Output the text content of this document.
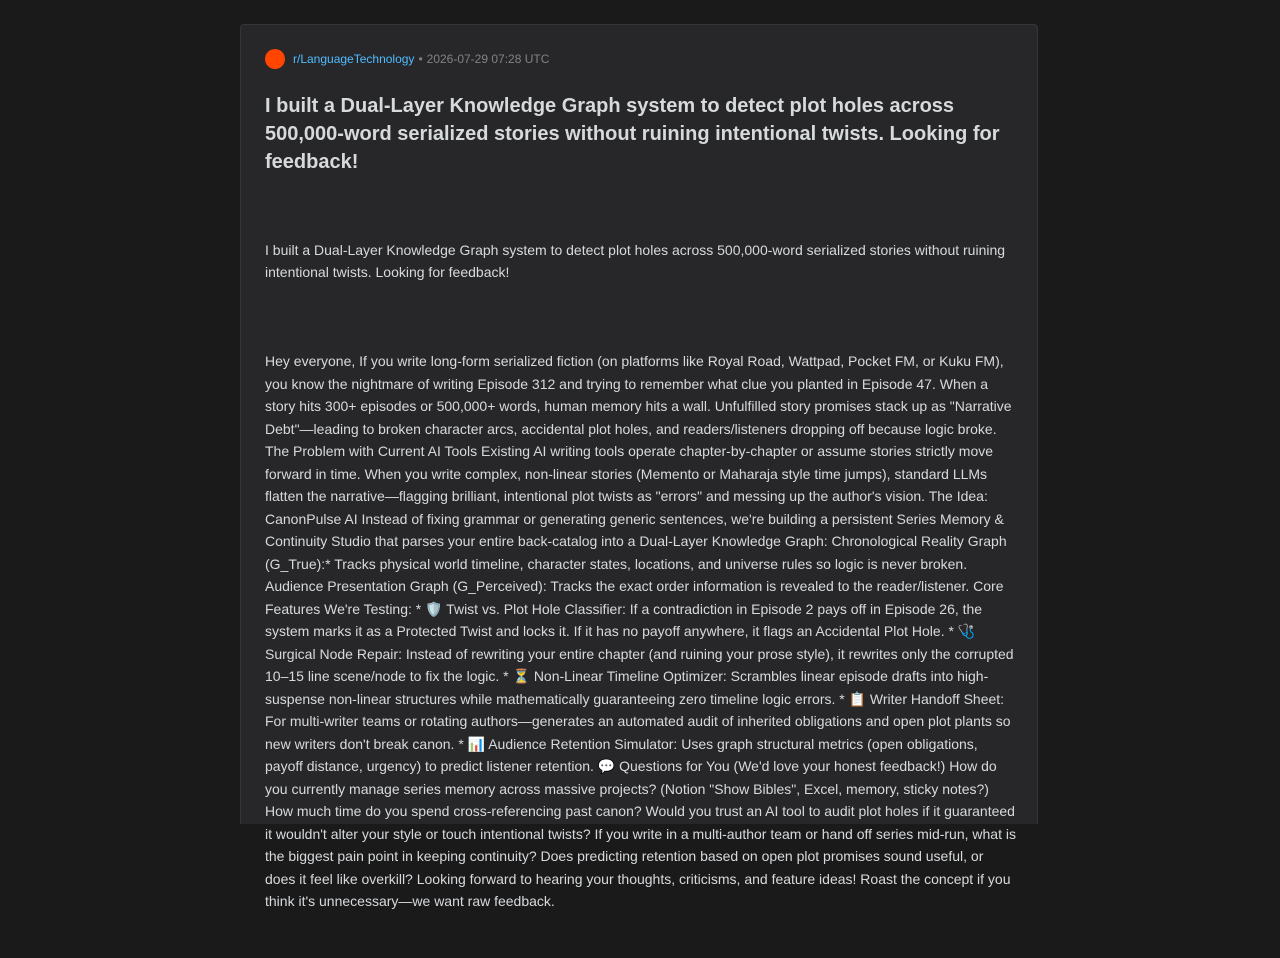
r/LanguageTechnology • 2026-07-29 07:28 UTC
I built a Dual-Layer Knowledge Graph system to detect plot holes across 500,000-word serialized stories without ruining intentional twists. Looking for feedback!

I built a Dual-Layer Knowledge Graph system to detect plot holes across 500,000-word serialized stories without ruining intentional twists. Looking for feedback!

Hey everyone, If you write long-form serialized fiction (on platforms like Royal Road, Wattpad, Pocket FM, or Kuku FM), you know the nightmare of writing Episode 312 and trying to remember what clue you planted in Episode 47. When a story hits 300+ episodes or 500,000+ words, human memory hits a wall. Unfulfilled story promises stack up as "Narrative Debt"—leading to broken character arcs, accidental plot holes, and readers/listeners dropping off because logic broke. The Problem with Current AI Tools Existing AI writing tools operate chapter-by-chapter or assume stories strictly move forward in time. When you write complex, non-linear stories (Memento or Maharaja style time jumps), standard LLMs flatten the narrative—flagging brilliant, intentional plot twists as "errors" and messing up the author's vision. The Idea: CanonPulse AI Instead of fixing grammar or generating generic sentences, we're building a persistent Series Memory & Continuity Studio that parses your entire back-catalog into a Dual-Layer Knowledge Graph: Chronological Reality Graph (G_True):* Tracks physical world timeline, character states, locations, and universe rules so logic is never broken. Audience Presentation Graph (G_Perceived): Tracks the exact order information is revealed to the reader/listener. Core Features We're Testing: * 🛡️ Twist vs. Plot Hole Classifier: If a contradiction in Episode 2 pays off in Episode 26, the system marks it as a Protected Twist and locks it. If it has no payoff anywhere, it flags an Accidental Plot Hole. * 🩺 Surgical Node Repair: Instead of rewriting your entire chapter (and ruining your prose style), it rewrites only the corrupted 10–15 line scene/node to fix the logic. * ⏳ Non-Linear Timeline Optimizer: Scrambles linear episode drafts into high-suspense non-linear structures while mathematically guaranteeing zero timeline logic errors. * 📋 Writer Handoff Sheet: For multi-writer teams or rotating authors—generates an automated audit of inherited obligations and open plot plants so new writers don't break canon. * 📊 Audience Retention Simulator: Uses graph structural metrics (open obligations, payoff distance, urgency) to predict listener retention. 💬 Questions for You (We'd love your honest feedback!) How do you currently manage series memory across massive projects? (Notion "Show Bibles", Excel, memory, sticky notes?) How much time do you spend cross-referencing past canon? Would you trust an AI tool to audit plot holes if it guaranteed it wouldn't alter your style or touch intentional twists? If you write in a multi-author team or hand off series mid-run, what is the biggest pain point in keeping continuity? Does predicting retention based on open plot promises sound useful, or does it feel like overkill? Looking forward to hearing your thoughts, criticisms, and feature ideas! Roast the concept if you think it's unnecessary—we want raw feedback.
